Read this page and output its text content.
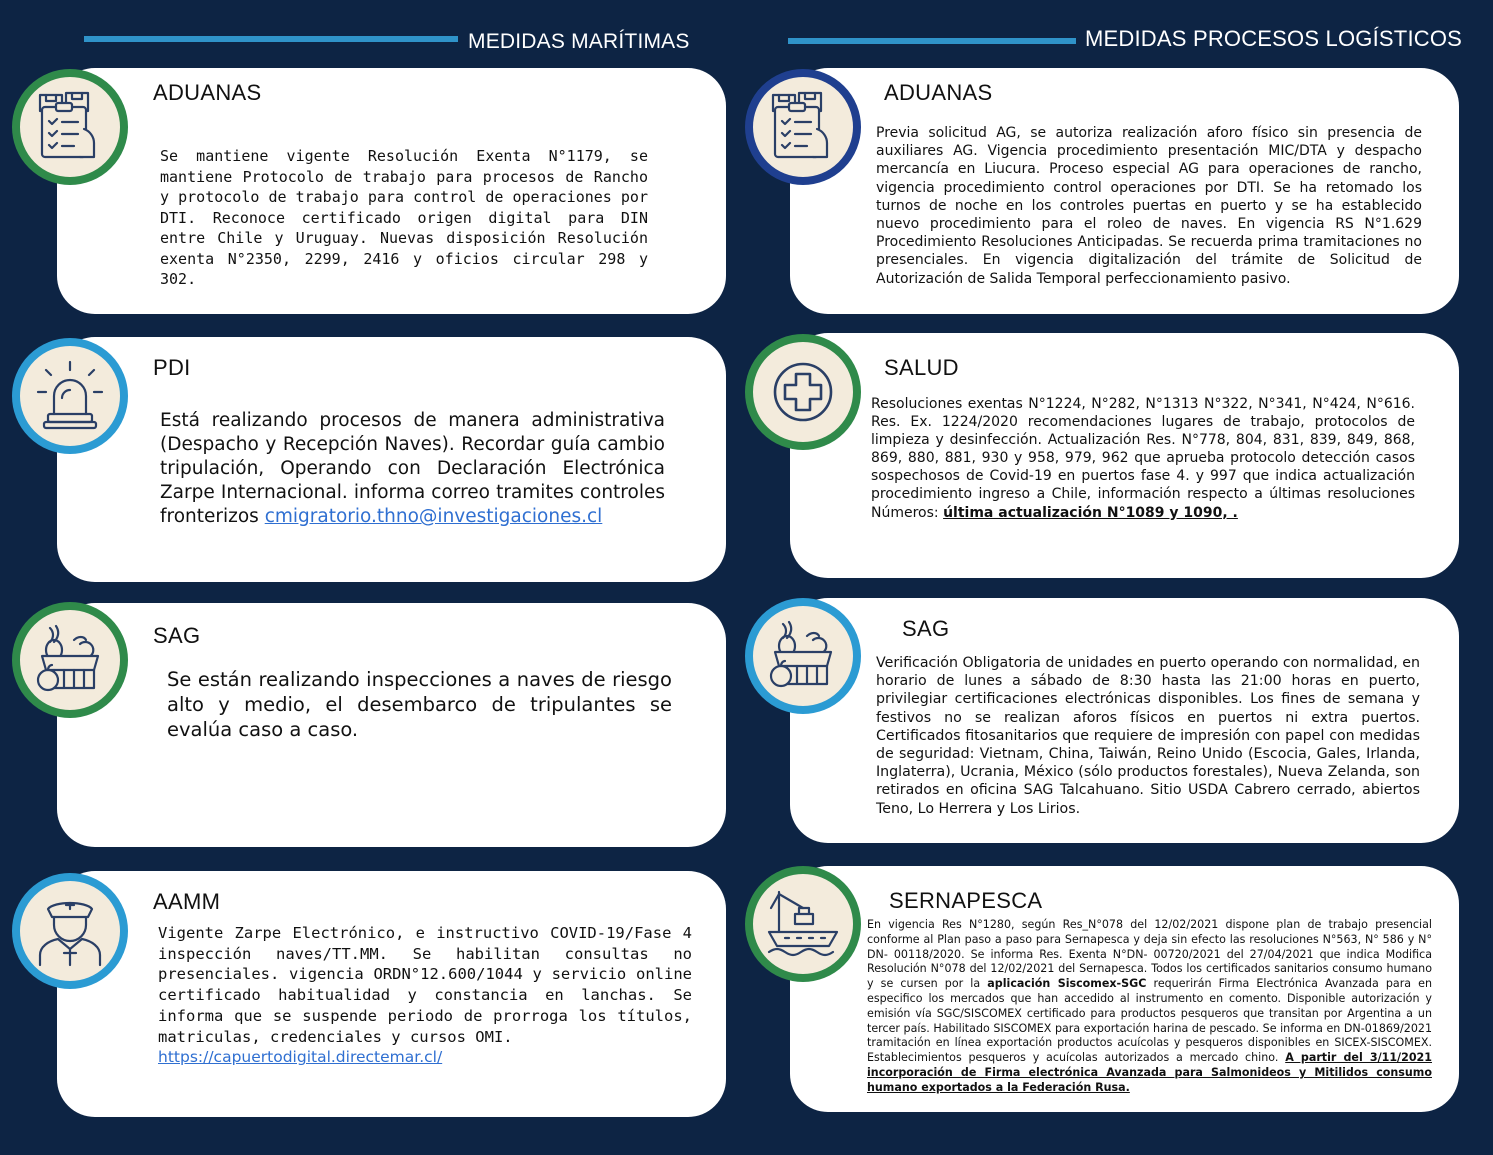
MEDIDAS MARÍTIMAS	MEDIDAS PROCESOS LOGÍSTICOS
ADUANAS
Se mantiene vigente Resolución Exenta N°1179, se mantiene Protocolo de trabajo para procesos de Rancho y protocolo de trabajo para control de operaciones por DTI. Reconoce certificado origen digital para DIN entre Chile y Uruguay. Nuevas disposición Resolución exenta N°2350, 2299, 2416 y oficios circular 298 y 302.
PDI
Está realizando procesos de manera administrativa (Despacho y Recepción Naves). Recordar guía cambio tripulación, Operando con Declaración Electrónica Zarpe Internacional. informa correo tramites controles fronterizos cmigratorio.thno@investigaciones.cl
SAG
Se están realizando inspecciones a naves de riesgo alto y medio, el desembarco de tripulantes se evalúa caso a caso.
AAMM
Vigente Zarpe Electrónico, e instructivo COVID-19/Fase 4 inspección naves/TT.MM. Se habilitan consultas no presenciales. vigencia ORDN°12.600/1044 y servicio online certificado habitualidad y constancia en lanchas. Se informa que se suspende periodo de prorroga los títulos, matriculas, credenciales y cursos OMI.
https://capuertodigital.directemar.cl/
ADUANAS
Previa solicitud AG, se autoriza realización aforo físico sin presencia de auxiliares AG. Vigencia procedimiento presentación MIC/DTA y despacho mercancía en Liucura. Proceso especial AG para operaciones de rancho, vigencia procedimiento control operaciones por DTI. Se ha retomado los turnos de noche en los controles puertas en puerto y se ha establecido nuevo procedimiento para el roleo de naves. En vigencia RS N°1.629 Procedimiento Resoluciones Anticipadas. Se recuerda prima tramitaciones no presenciales. En vigencia digitalización del trámite de Solicitud de Autorización de Salida Temporal perfeccionamiento pasivo.
SALUD
Resoluciones exentas N°1224, N°282, N°1313 N°322, N°341, N°424, N°616. Res. Ex. 1224/2020 recomendaciones lugares de trabajo, protocolos de limpieza y desinfección. Actualización Res. N°778, 804, 831, 839, 849, 868, 869, 880, 881, 930 y 958, 979, 962 que aprueba protocolo detección casos sospechosos de Covid-19 en puertos fase 4. y 997 que indica actualización procedimiento ingreso a Chile, información respecto a últimas resoluciones Números: última actualización N°1089 y 1090, .
SAG
Verificación Obligatoria de unidades en puerto operando con normalidad, en horario de lunes a sábado de 8:30 hasta las 21:00 horas en puerto, privilegiar certificaciones electrónicas disponibles. Los fines de semana y festivos no se realizan aforos físicos en puertos ni extra puertos. Certificados fitosanitarios que requiere de impresión con papel con medidas de seguridad: Vietnam, China, Taiwán, Reino Unido (Escocia, Gales, Irlanda, Inglaterra), Ucrania, México (sólo productos forestales), Nueva Zelanda, son retirados en oficina SAG Talcahuano. Sitio USDA Cabrero cerrado, abiertos Teno, Lo Herrera y Los Lirios.
SERNAPESCA
En vigencia Res N°1280, según Res_N°078 del 12/02/2021 dispone plan de trabajo presencial conforme al Plan paso a paso para Sernapesca y deja sin efecto las resoluciones N°563, N° 586 y N° DN- 00118/2020. Se informa Res. Exenta N°DN- 00720/2021 del 27/04/2021 que indica Modifica Resolución N°078 del 12/02/2021 del Sernapesca. Todos los certificados sanitarios consumo humano y se cursen por la aplicación Siscomex-SGC requerirán Firma Electrónica Avanzada para en especifico los mercados que han accedido al instrumento en comento. Disponible autorización y emisión vía SGC/SISCOMEX certificado para productos pesqueros que transitan por Argentina a un tercer país. Habilitado SISCOMEX para exportación harina de pescado. Se informa en DN-01869/2021 tramitación en línea exportación productos acuícolas y pesqueros disponibles en SICEX-SISCOMEX. Establecimientos pesqueros y acuícolas autorizados a mercado chino. A partir del 3/11/2021 incorporación de Firma electrónica Avanzada para Salmonideos y Mitilidos consumo humano exportados a la Federación Rusa.
